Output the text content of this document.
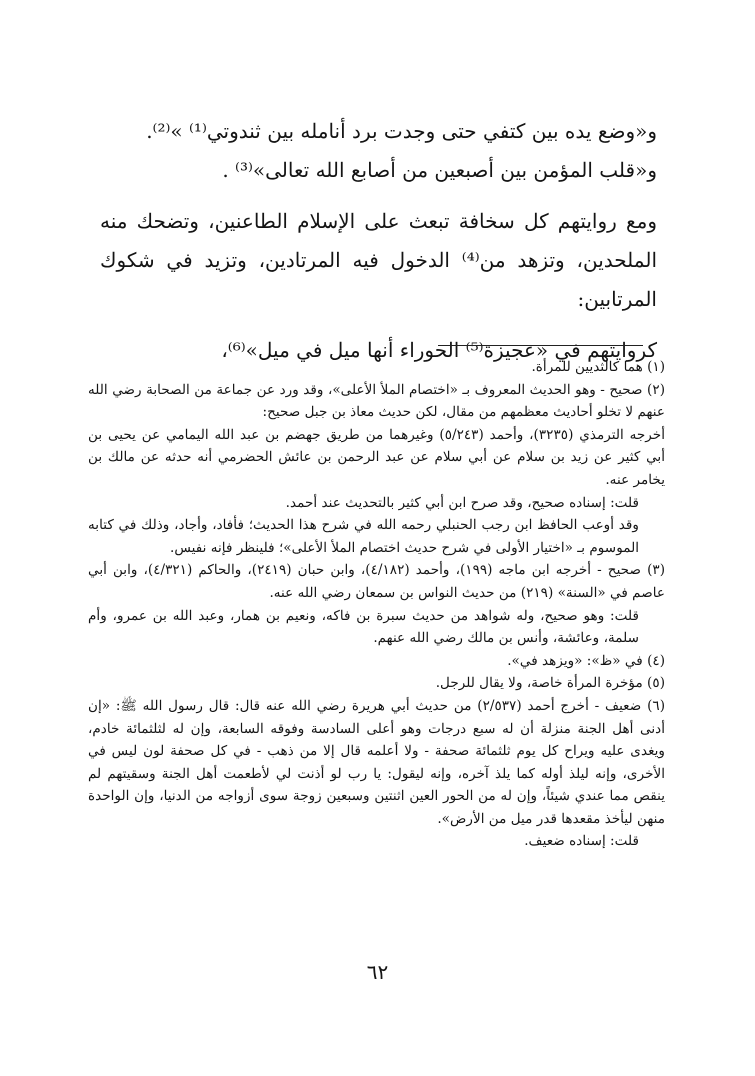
و«وضع يده بين كتفي حتى وجدت برد أنامله بين ثندوتي⁽¹⁾ »⁽²⁾.

و«قلب المؤمن بين أصبعين من أصابع الله تعالى»⁽³⁾ .

ومع روايتهم كل سخافة تبعث على الإسلام الطاعنين، وتضحك منه الملحدين، وتزهد من⁽⁴⁾ الدخول فيه المرتادين، وتزيد في شكوك المرتابين:

كروايتهم في «عجيزة⁽⁵⁾ الحوراء أنها ميل في ميل»⁽⁶⁾،

(١) هما كالثديين للمرأة.

(٢) صحيح - وهو الحديث المعروف بـ «اختصام الملأ الأعلى»، وقد ورد عن جماعة من الصحابة رضي الله عنهم لا تخلو أحاديث معظمهم من مقال، لكن حديث معاذ بن جبل صحيح:

أخرجه الترمذي (٣٢٣٥)، وأحمد (٥/٢٤٣) وغيرهما من طريق جهضم بن عبد الله اليمامي عن يحيى بن أبي كثير عن زيد بن سلام عن أبي سلام عن عبد الرحمن بن عائش الحضرمي أنه حدثه عن مالك بن يخامر عنه.

قلت: إسناده صحيح، وقد صرح ابن أبي كثير بالتحديث عند أحمد.

وقد أوعب الحافظ ابن رجب الحنبلي رحمه الله في شرح هذا الحديث؛ فأفاد، وأجاد، وذلك في كتابه الموسوم بـ «اختيار الأولى في شرح حديث اختصام الملأ الأعلى»؛ فلينظر فإنه نفيس.

(٣) صحيح - أخرجه ابن ماجه (١٩٩)، وأحمد (٤/١٨٢)، وابن حبان (٢٤١٩)، والحاكم (٤/٣٢١)، وابن أبي عاصم في «السنة» (٢١٩) من حديث النواس بن سمعان رضي الله عنه.

قلت: وهو صحيح، وله شواهد من حديث سبرة بن فاكه، ونعيم بن همار، وعبد الله بن عمرو، وأم سلمة، وعائشة، وأنس بن مالك رضي الله عنهم.

(٤) في «ظ»: «ويزهد في».

(٥) مؤخرة المرأة خاصة، ولا يقال للرجل.

(٦) ضعيف - أخرج أحمد (٢/٥٣٧) من حديث أبي هريرة رضي الله عنه قال: قال رسول الله ﷺ: «إن أدنى أهل الجنة منزلة أن له سبع درجات وهو أعلى السادسة وفوقه السابعة، وإن له لثلثمائة خادم، ويغدى عليه ويراح كل يوم ثلثمائة صحفة - ولا أعلمه قال إلا من ذهب - في كل صحفة لون ليس في الأخرى، وإنه ليلذ أوله كما يلذ آخره، وإنه ليقول: يا رب لو أذنت لي لأطعمت أهل الجنة وسقيتهم لم ينقص مما عندي شيئاً، وإن له من الحور العين اثنتين وسبعين زوجة سوى أزواجه من الدنيا، وإن الواحدة منهن ليأخذ مقعدها قدر ميل من الأرض».

قلت: إسناده ضعيف.

٦٢
